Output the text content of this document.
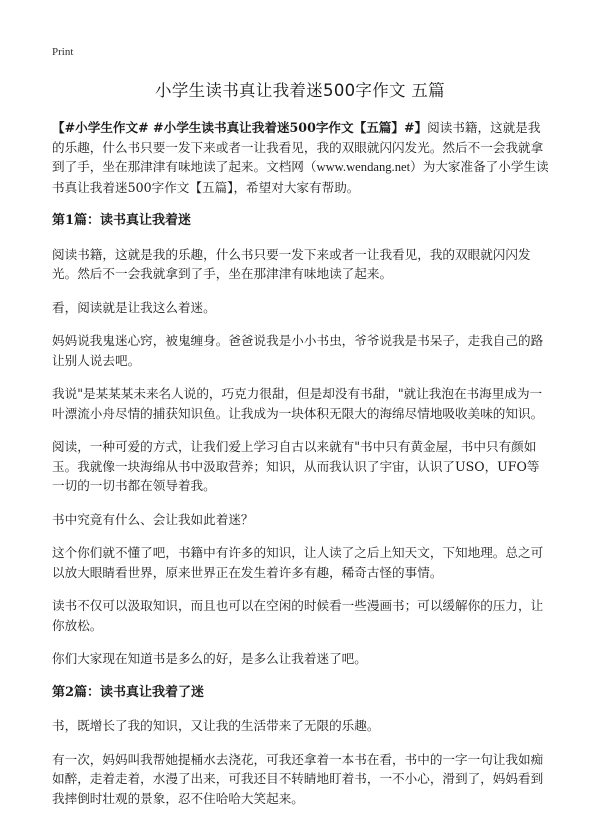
Print
小学生读书真让我着迷500字作文 五篇

【#小学生作文# #小学生读书真让我着迷500字作文【五篇】#】阅读书籍，这就是我的乐趣，什么书只要一发下来或者一让我看见，我的双眼就闪闪发光。然后不一会我就拿到了手，坐在那津津有味地读了起来。文档网（www.wendang.net）为大家准备了小学生读书真让我着迷500字作文【五篇】，希望对大家有帮助。

第1篇：读书真让我着迷

阅读书籍，这就是我的乐趣，什么书只要一发下来或者一让我看见，我的双眼就闪闪发光。然后不一会我就拿到了手，坐在那津津有味地读了起来。

看，阅读就是让我这么着迷。

妈妈说我鬼迷心窍，被鬼缠身。爸爸说我是小小书虫，爷爷说我是书呆子，走我自己的路让别人说去吧。

我说"是某某某未来名人说的，巧克力很甜，但是却没有书甜，"就让我泡在书海里成为一叶漂流小舟尽情的捕获知识鱼。让我成为一块体积无限大的海绵尽情地吸收美味的知识。

阅读，一种可爱的方式，让我们爱上学习自古以来就有"书中只有黄金屋，书中只有颜如玉。我就像一块海绵从书中汲取营养；知识，从而我认识了宇宙，认识了USO，UFO等一切的一切书都在领导着我。

书中究竟有什么、会让我如此着迷？

这个你们就不懂了吧，书籍中有许多的知识，让人读了之后上知天文，下知地理。总之可以放大眼睛看世界，原来世界正在发生着许多有趣，稀奇古怪的事情。

读书不仅可以汲取知识，而且也可以在空闲的时候看一些漫画书；可以缓解你的压力，让你放松。

你们大家现在知道书是多么的好，是多么让我着迷了吧。

第2篇：读书真让我着了迷

书，既增长了我的知识，又让我的生活带来了无限的乐趣。

有一次，妈妈叫我帮她提桶水去浇花，可我还拿着一本书在看，书中的一字一句让我如痴如醉，走着走着，水漫了出来，可我还目不转睛地盯着书，一不小心，滑到了，妈妈看到我摔倒时壮观的景象，忍不住哈哈大笑起来。
